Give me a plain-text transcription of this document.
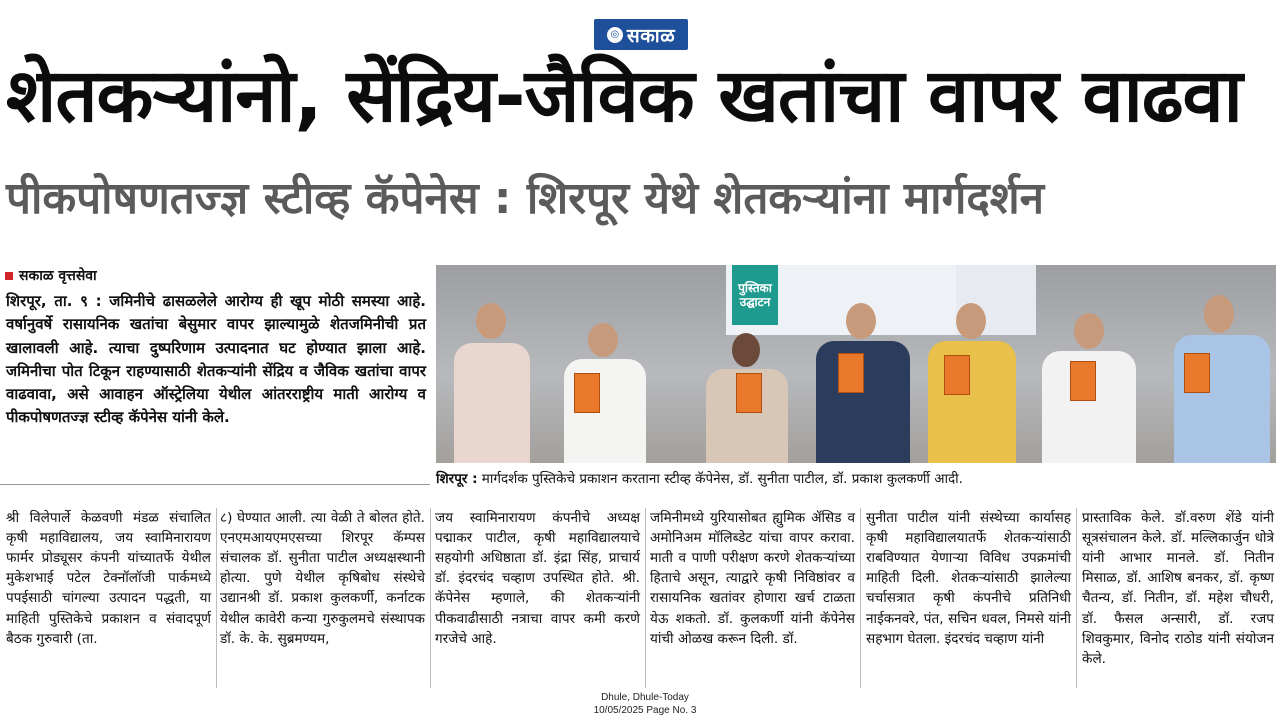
◎ सकाळ
शेतकऱ्यांनो, सेंद्रिय-जैविक खतांचा वापर वाढवा
पीकपोषणतज्ज्ञ स्टीव्ह कॅपेनेस : शिरपूर येथे शेतकऱ्यांना मार्गदर्शन
सकाळ वृत्तसेवा

शिरपूर, ता. ९ : जमिनीचे ढासळलेले आरोग्य ही खूप मोठी समस्या आहे. वर्षानुवर्षे रासायनिक खतांचा बेसुमार वापर झाल्यामुळे शेतजमिनीची प्रत खालावली आहे. त्याचा दुष्परिणाम उत्पादनात घट होण्यात झाला आहे. जमिनीचा पोत टिकून राहण्यासाठी शेतकऱ्यांनी सेंद्रिय व जैविक खतांचा वापर वाढवावा, असे आवाहन ऑस्ट्रेलिया येथील आंतरराष्ट्रीय माती आरोग्य व पीकपोषणतज्ज्ञ स्टीव्ह कॅपेनेस यांनी केले.

पुस्तिका उद्घाटन
शिरपूर : मार्गदर्शक पुस्तिकेचे प्रकाशन करताना स्टीव्ह कॅपेनेस, डॉ. सुनीता पाटील, डॉ. प्रकाश कुलकर्णी आदी.

श्री विलेपार्ले केळवणी मंडळ संचालित कृषी महाविद्यालय, जय स्वामिनारायण फार्मर प्रोड्यूसर कंपनी यांच्यातर्फे येथील मुकेशभाई पटेल टेक्नॉलॉजी पार्कमध्ये पपईसाठी चांगल्या उत्पादन पद्धती, या माहिती पुस्तिकेचे प्रकाशन व संवादपूर्ण बैठक गुरुवारी (ता.

८) घेण्यात आली. त्या वेळी ते बोलत होते. एनएमआयएमएसच्या शिरपूर कॅम्पस संचालक डॉ. सुनीता पाटील अध्यक्षस्थानी होत्या. पुणे येथील कृषिबोध संस्थेचे उद्यानश्री डॉ. प्रकाश कुलकर्णी, कर्नाटक येथील कावेरी कन्या गुरुकुलमचे संस्थापक डॉ. के. के. सुब्रमण्यम,

जय स्वामिनारायण कंपनीचे अध्यक्ष पद्माकर पाटील, कृषी महाविद्यालयाचे सहयोगी अधिष्ठाता डॉ. इंद्रा सिंह, प्राचार्य डॉ. इंदरचंद चव्हाण उपस्थित होते. श्री. कॅपेनेस म्हणाले, की शेतकऱ्यांनी पीकवाढीसाठी नत्राचा वापर कमी करणे गरजेचे आहे.

जमिनीमध्ये युरियासोबत ह्युमिक ॲसिड व अमोनिअम मॉलिब्डेट यांचा वापर करावा. माती व पाणी परीक्षण करणे शेतकऱ्यांच्या हिताचे असून, त्याद्वारे कृषी निविष्ठांवर व रासायनिक खतांवर होणारा खर्च टाळता येऊ शकतो. डॉ. कुलकर्णी यांनी कॅपेनेस यांची ओळख करून दिली. डॉ.

सुनीता पाटील यांनी संस्थेच्या कार्यासह कृषी महाविद्यालयातर्फे शेतकऱ्यांसाठी राबविण्यात येणाऱ्या विविध उपक्रमांची माहिती दिली. शेतकऱ्यांसाठी झालेल्या चर्चासत्रात कृषी कंपनीचे प्रतिनिधी नाईकनवरे, पंत, सचिन धवल, निमसे यांनी सहभाग घेतला. इंदरचंद चव्हाण यांनी

प्रास्ताविक केले. डॉ.वरुण शेंडे यांनी सूत्रसंचालन केले. डॉ. मल्लिकार्जुन धोत्रे यांनी आभार मानले. डॉ. नितीन मिसाळ, डॉ. आशिष बनकर, डॉ. कृष्ण चैतन्य, डॉ. नितीन, डॉ. महेश चौधरी, डॉ. फैसल अन्सारी, डॉ. रजप शिवकुमार, विनोद राठोड यांनी संयोजन केले.

Dhule, Dhule-Today
10/05/2025 Page No. 3
